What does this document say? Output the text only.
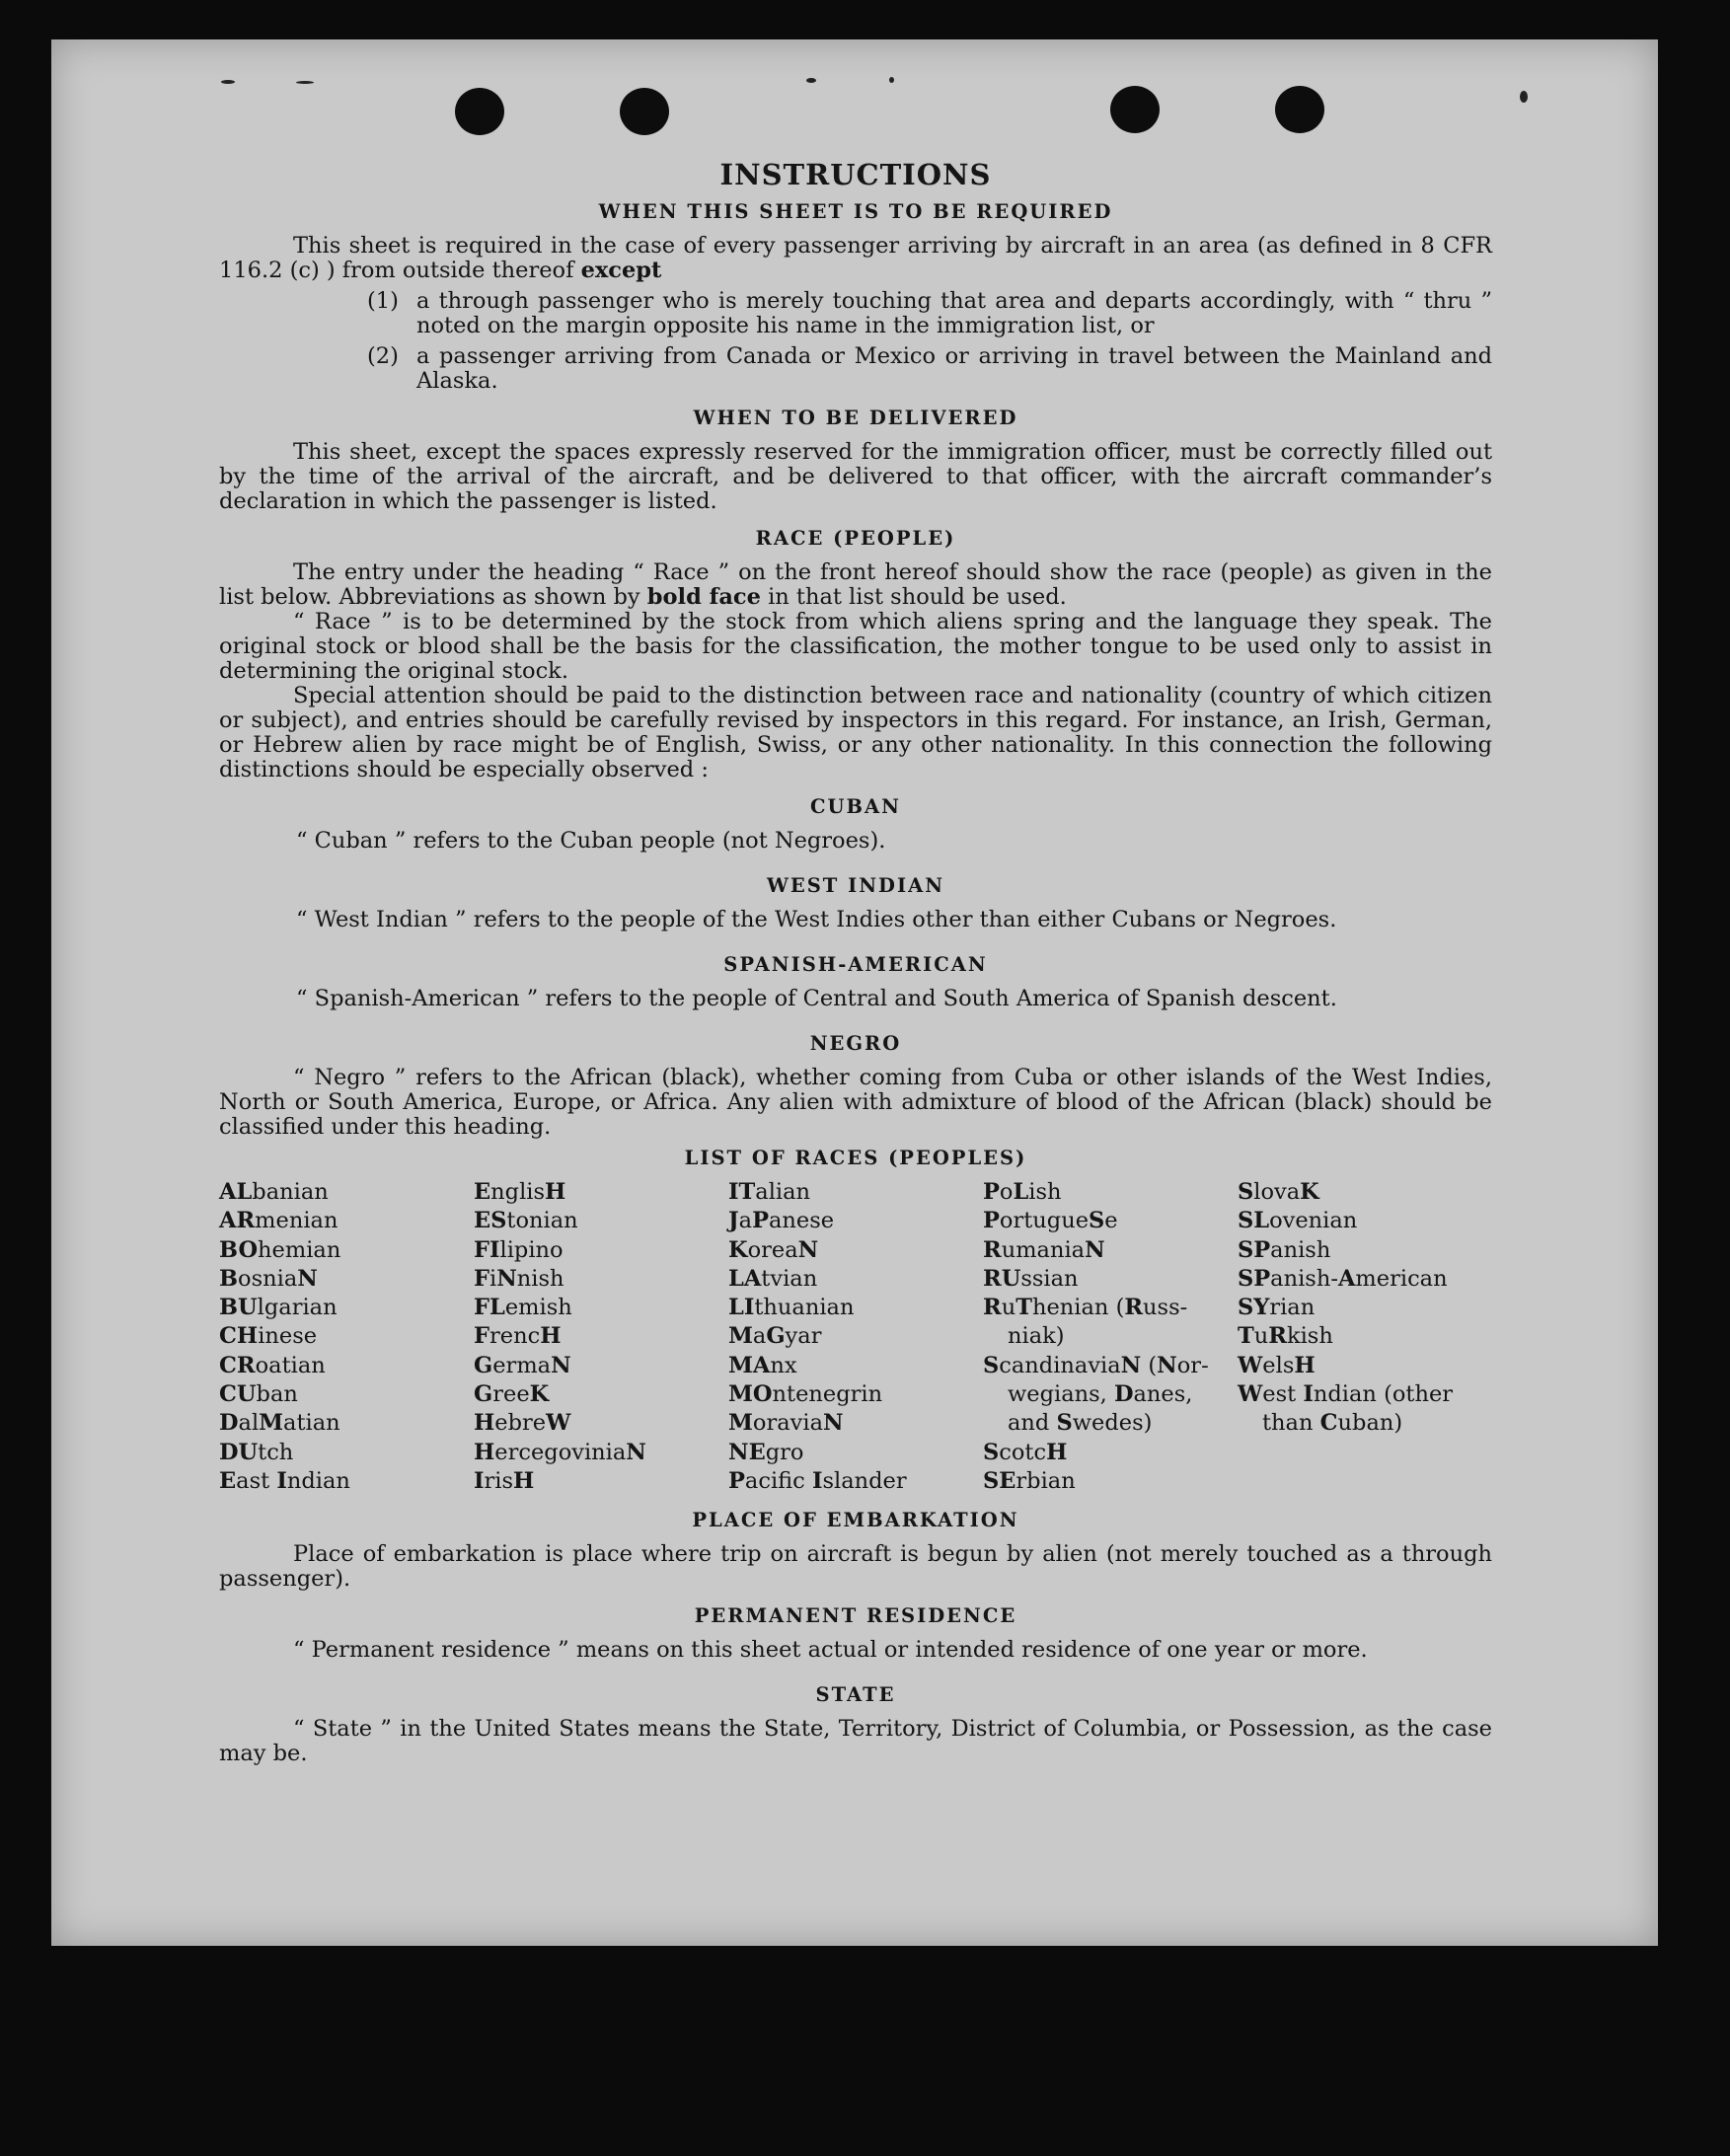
INSTRUCTIONS
WHEN THIS SHEET IS TO BE REQUIRED

This sheet is required in the case of every passenger arriving by aircraft in an area (as defined in 8 CFR 116.2 (c) ) from outside thereof except

(1) a through passenger who is merely touching that area and departs accordingly, with “ thru ” noted on the margin opposite his name in the immigration list, or
(2) a passenger arriving from Canada or Mexico or arriving in travel between the Mainland and Alaska.
WHEN TO BE DELIVERED

This sheet, except the spaces expressly reserved for the immigration officer, must be correctly filled out by the time of the arrival of the aircraft, and be delivered to that officer, with the aircraft commander’s declaration in which the passenger is listed.

RACE (PEOPLE)

The entry under the heading “ Race ” on the front hereof should show the race (people) as given in the list below. Abbreviations as shown by bold face in that list should be used.

“ Race ” is to be determined by the stock from which aliens spring and the language they speak. The original stock or blood shall be the basis for the classification, the mother tongue to be used only to assist in determining the original stock.

Special attention should be paid to the distinction between race and nationality (country of which citizen or subject), and entries should be carefully revised by inspectors in this regard. For instance, an Irish, German, or Hebrew alien by race might be of English, Swiss, or any other nationality. In this connection the following distinctions should be especially observed :

CUBAN

“ Cuban ” refers to the Cuban people (not Negroes).

WEST INDIAN

“ West Indian ” refers to the people of the West Indies other than either Cubans or Negroes.

SPANISH-AMERICAN

“ Spanish-American ” refers to the people of Central and South America of Spanish descent.

NEGRO

“ Negro ” refers to the African (black), whether coming from Cuba or other islands of the West Indies, North or South America, Europe, or Africa. Any alien with admixture of blood of the African (black) should be classified under this heading.

LIST OF RACES (PEOPLES)
ALbanian
ARmenian
BOhemian
BosniaN
BUlgarian
CHinese
CRoatian
CUban
DalMatian
DUtch
East Indian
EnglisH
EStonian
FIlipino
FiNnish
FLemish
FrencH
GermaN
GreeK
HebreW
HercegoviniaN
IrisH
ITalian
JaPanese
KoreaN
LAtvian
LIthuanian
MaGyar
MAnx
MOntenegrin
MoraviaN
NEgro
Pacifc Islander
PoLish
PortugueSe
RumaniaN
RUssian
RuThenian (Russ-
niak)
ScandinaviaN (Nor-
wegians, Danes,
and Swedes)
ScotcH
SErbian
SlovaK
SLovenian
SPanish
SPanish-American
SYrian
TuRkish
WelsH
West Indian (other
than Cuban)
PLACE OF EMBARKATION

Place of embarkation is place where trip on aircraft is begun by alien (not merely touched as a through passenger).

PERMANENT RESIDENCE

“ Permanent residence ” means on this sheet actual or intended residence of one year or more.

STATE

“ State ” in the United States means the State, Territory, District of Columbia, or Possession, as the case may be.
